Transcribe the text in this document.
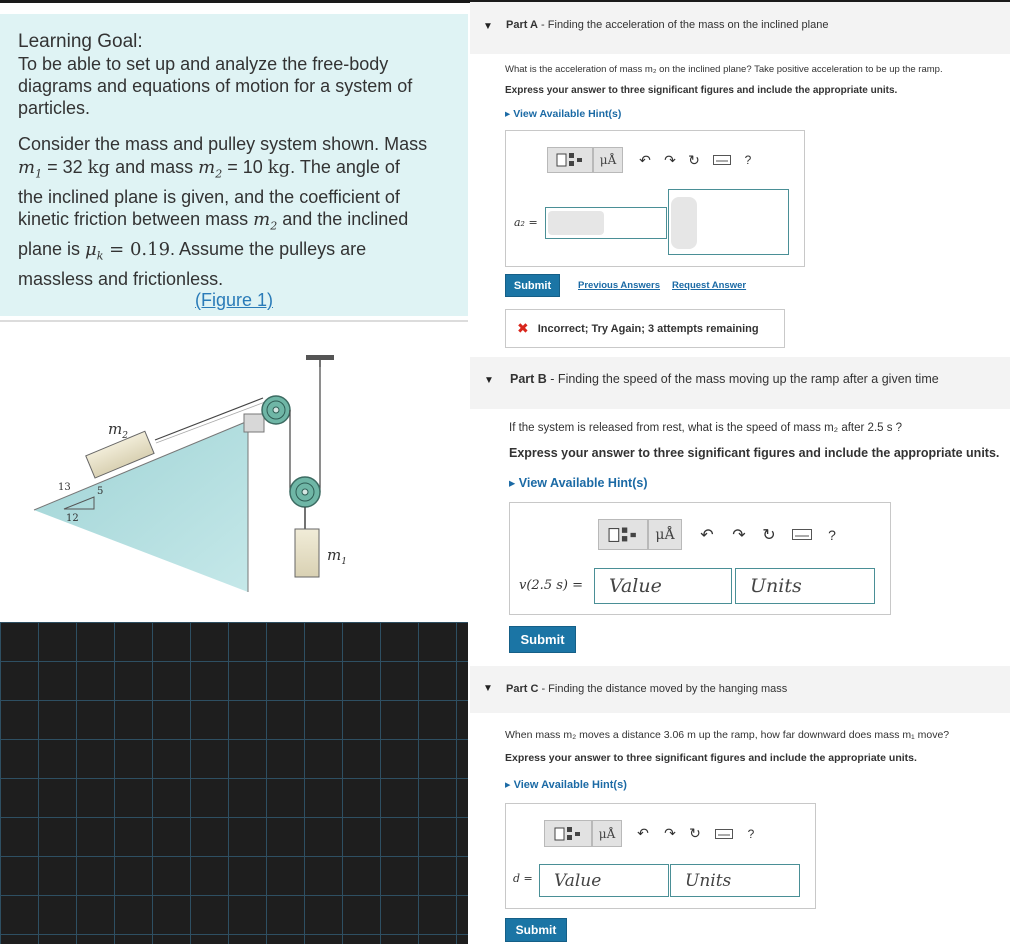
Learning Goal:
To be able to set up and analyze the free-body
diagrams and equations of motion for a system of
particles.
Consider the mass and pulley system shown. Mass
$m_1 = 32$ kg and mass $m_2 = 10$ kg. The angle of
the inclined plane is given, and the coefficient of
kinetic friction between mass $m_2$ and the inclined
plane is $\mu_k = 0.19$. Assume the pulleys are
massless and frictionless.
(Figure 1)
13	5
12
$m_2$
$m_1$
▼ Part A - Finding the acceleration of the mass on the inclined plane
What is the acceleration of mass m₂ on the inclined plane? Take positive acceleration to be up the ramp.
Express your answer to three significant figures and include the appropriate units.
▸ View Available Hint(s)
μÅ	↶ ↷ ↻	?
a₂ =
Submit	Previous Answers Request Answer
✖ Incorrect; Try Again; 3 attempts remaining
▼ Part B - Finding the speed of the mass moving up the ramp after a given time
If the system is released from rest, what is the speed of mass m₂ after 2.5 s ?
Express your answer to three significant figures and include the appropriate units.
▸ View Available Hint(s)
μÅ	↶	↷	↻	?
v(2.5 s) =	Value	Units
Submit
▼ Part C - Finding the distance moved by the hanging mass
When mass m₂ moves a distance 3.06 m up the ramp, how far downward does mass m₁ move?
Express your answer to three significant figures and include the appropriate units.
▸ View Available Hint(s)
μÅ	↶	↷ ↻	?
d =	Value	Units
Submit
